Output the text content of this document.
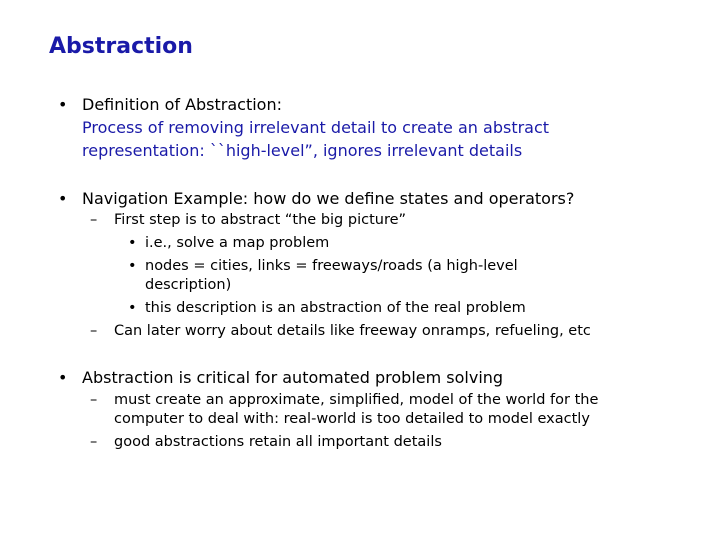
Abstraction
• Definition of Abstraction:
Process of removing irrelevant detail to create an abstract
representation: ``high-level”, ignores irrelevant details
• Navigation Example: how do we define states and operators?
– First step is to abstract “the big picture”
• i.e., solve a map problem
• nodes = cities, links = freeways/roads (a high-level
description)
• this description is an abstraction of the real problem
– Can later worry about details like freeway onramps, refueling, etc
• Abstraction is critical for automated problem solving
– must create an approximate, simplified, model of the world for the
computer to deal with: real-world is too detailed to model exactly
– good abstractions retain all important details
